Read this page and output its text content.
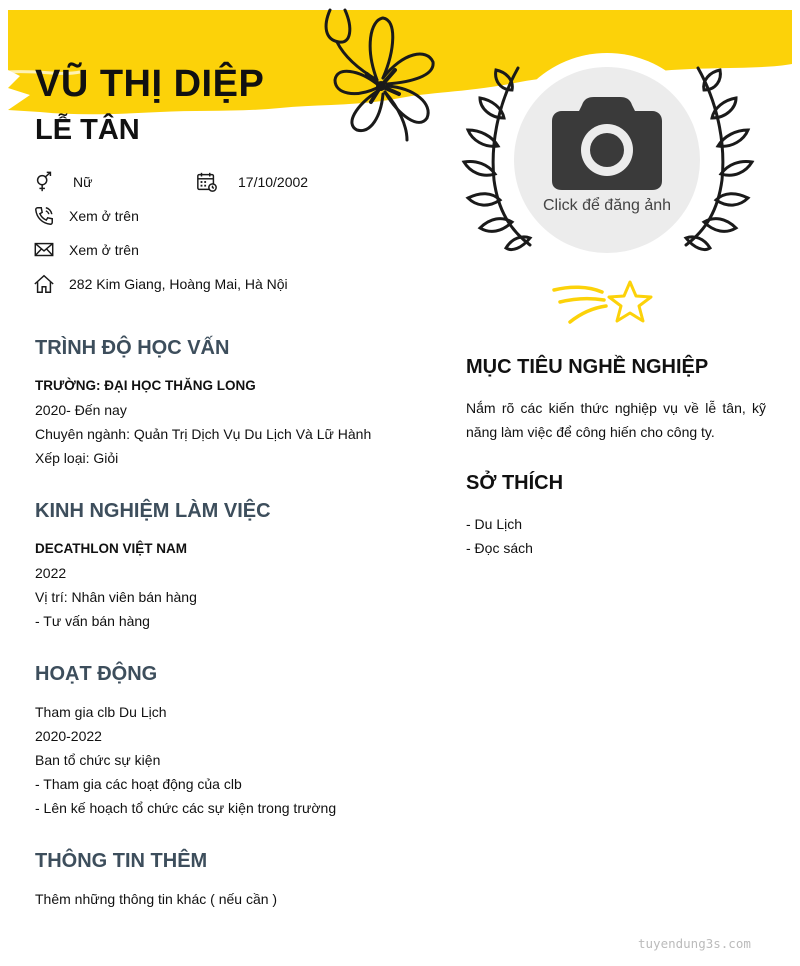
VŨ THỊ DIỆP
LỄ TÂN
Nữ	17/10/2002
Xem ở trên
Xem ở trên
282 Kim Giang, Hoàng Mai, Hà Nội
TRÌNH ĐỘ HỌC VẤN
TRƯỜNG: ĐẠI HỌC THĂNG LONG
2020- Đến nay
Chuyên ngành: Quản Trị Dịch Vụ Du Lịch Và Lữ Hành
Xếp loại: Giỏi
KINH NGHIỆM LÀM VIỆC
DECATHLON VIỆT NAM
2022
Vị trí: Nhân viên bán hàng
- Tư vấn bán hàng
HOẠT ĐỘNG
Tham gia clb Du Lịch
2020-2022
Ban tổ chức sự kiện
- Tham gia các hoạt động của clb
- Lên kế hoạch tổ chức các sự kiện trong trường
THÔNG TIN THÊM
Thêm những thông tin khác ( nếu cần )
Click để đăng ảnh
MỤC TIÊU NGHỀ NGHIỆP
Nắm rõ các kiến thức nghiệp vụ về lễ tân, kỹ năng làm việc để công hiến cho công ty.
SỞ THÍCH
- Du Lịch
- Đọc sách
tuyendung3s.com
